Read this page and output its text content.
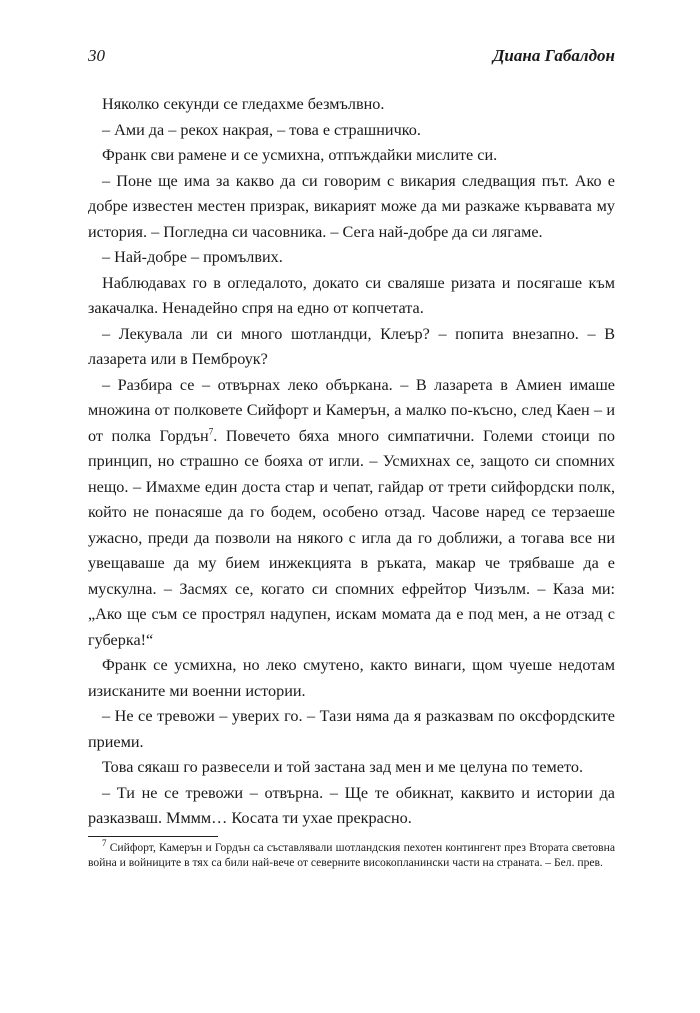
30	Диана Габалдон

Няколко секунди се гледахме безмълвно.

– Ами да – рекох накрая, – това е страшничко.

Франк сви рамене и се усмихна, отпъждайки мислите си.

– Поне ще има за какво да си говорим с викария следващия път. Ако е добре известен местен призрак, викарият може да ми разкаже кървавата му история. – Погледна си часовника. – Сега най-добре да си лягаме.

– Най-добре – промълвих.

Наблюдавах го в огледалото, докато си сваляше ризата и посягаше към закачалка. Ненадейно спря на едно от копчетата.

– Лекувала ли си много шотландци, Клеър? – попита внезапно. – В лазарета или в Пемброук?

– Разбира се – отвърнах леко объркана. – В лазарета в Амиен имаше множина от полковете Сийфорт и Камерън, а малко по-късно, след Каен – и от полка Гордън$^7$. Повечето бяха много симпатични. Големи стоици по принцип, но страшно се бояха от игли. – Усмихнах се, защото си спомних нещо. – Имахме един доста стар и чепат, гайдар от трети сийфордски полк, който не понасяше да го бодем, особено отзад. Часове наред се терзаеше ужасно, преди да позволи на някого с игла да го доближи, а тогава все ни увещаваше да му бием инжекцията в ръката, макар че трябваше да е мускулна. – Засмях се, когато си спомних ефрейтор Чизълм. – Каза ми: „Ако ще съм се прострял надупен, искам момата да е под мен, а не отзад с губерка!“

Франк се усмихна, но леко смутено, както винаги, щом чуеше недотам изисканите ми военни истории.

– Не се тревожи – уверих го. – Тази няма да я разказвам по оксфордските приеми.

Това сякаш го развесели и той застана зад мен и ме целуна по темето.

– Ти не се тревожи – отвърна. – Ще те обикнат, каквито и истории да разказваш. Мммм… Косата ти ухае прекрасно.

$^7$ Сийфорт, Камерън и Гордън са съставлявали шотландския пехотен контингент през Втората световна война и войниците в тях са били най-вече от северните високопланински части на страната. – Бел. прев.
